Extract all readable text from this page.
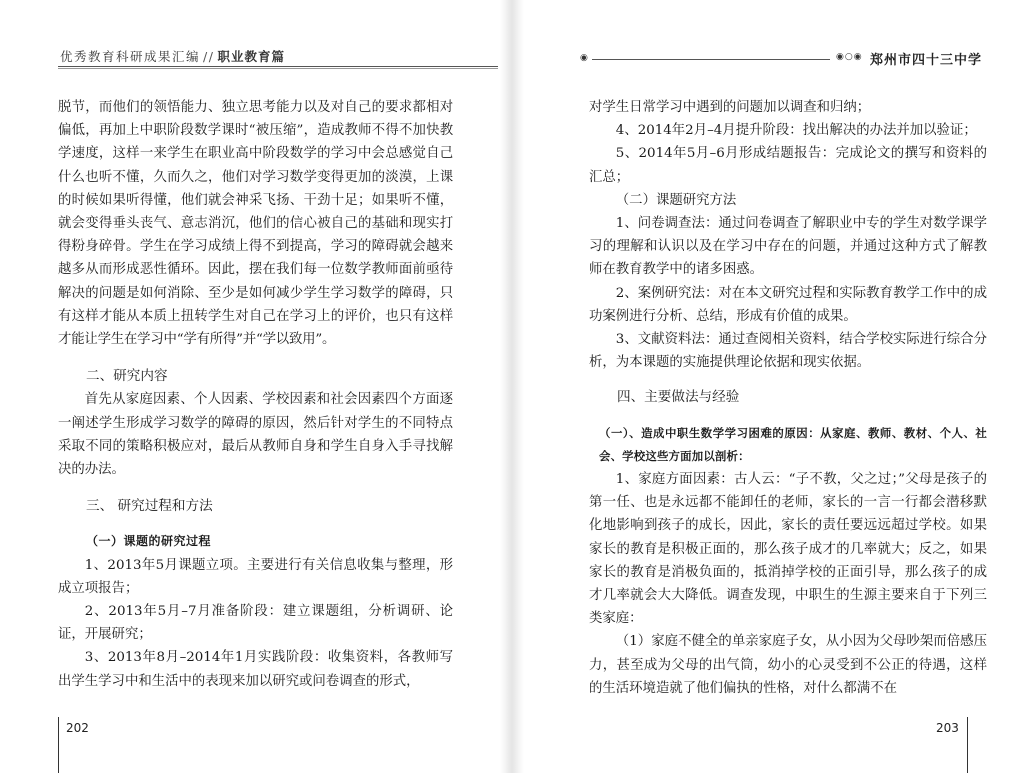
优秀教育科研成果汇编 // 职业教育篇

脱节，而他们的领悟能力、独立思考能力以及对自己的要求都相对偏低，再加上中职阶段数学课时“被压缩”，造成教师不得不加快教学速度，这样一来学生在职业高中阶段数学的学习中会总感觉自己什么也听不懂，久而久之，他们对学习数学变得更加的淡漠，上课的时候如果听得懂，他们就会神采飞扬、干劲十足；如果听不懂，就会变得垂头丧气、意志消沉，他们的信心被自己的基础和现实打得粉身碎骨。学生在学习成绩上得不到提高，学习的障碍就会越来越多从而形成恶性循环。因此，摆在我们每一位数学教师面前亟待解决的问题是如何消除、至少是如何减少学生学习数学的障碍，只有这样才能从本质上扭转学生对自己在学习上的评价，也只有这样才能让学生在学习中“学有所得”并“学以致用”。

二、研究内容

首先从家庭因素、个人因素、学校因素和社会因素四个方面逐一阐述学生形成学习数学的障碍的原因，然后针对学生的不同特点采取不同的策略积极应对，最后从教师自身和学生自身入手寻找解决的办法。

三、 研究过程和方法

（一）课题的研究过程

1、2013年5月课题立项。主要进行有关信息收集与整理，形成立项报告；

2、2013年5月–7月准备阶段：建立课题组，分析调研、论证，开展研究；

3、2013年8月–2014年1月实践阶段：收集资料，各教师写出学生学习中和生活中的表现来加以研究或问卷调查的形式，

202

对学生日常学习中遇到的问题加以调查和归纳；

4、2014年2月–4月提升阶段：找出解决的办法并加以验证；

5、2014年5月–6月形成结题报告：完成论文的撰写和资料的汇总；

（二）课题研究方法

1、问卷调查法：通过问卷调查了解职业中专的学生对数学课学习的理解和认识以及在学习中存在的问题，并通过这种方式了解教师在教育教学中的诸多困惑。

2、案例研究法：对在本文研究过程和实际教育教学工作中的成功案例进行分析、总结，形成有价值的成果。

3、文献资料法：通过查阅相关资料，结合学校实际进行综合分析，为本课题的实施提供理论依据和现实依据。

四、主要做法与经验

（一）、造成中职生数学学习困难的原因：从家庭、教师、教材、个人、社会、学校这些方面加以剖析：

1、家庭方面因素：古人云：“子不教，父之过；”父母是孩子的第一任、也是永远都不能卸任的老师，家长的一言一行都会潜移默化地影响到孩子的成长，因此，家长的责任要远远超过学校。如果家长的教育是积极正面的，那么孩子成才的几率就大；反之，如果家长的教育是消极负面的，抵消掉学校的正面引导，那么孩子的成才几率就会大大降低。调查发现，中职生的生源主要来自于下列三类家庭：

（1）家庭不健全的单亲家庭子女，从小因为父母吵架而倍感压力，甚至成为父母的出气筒，幼小的心灵受到不公正的待遇，这样的生活环境造就了他们偏执的性格，对什么都满不在

203
◉	◉○◉ 郑州市四十三中学
